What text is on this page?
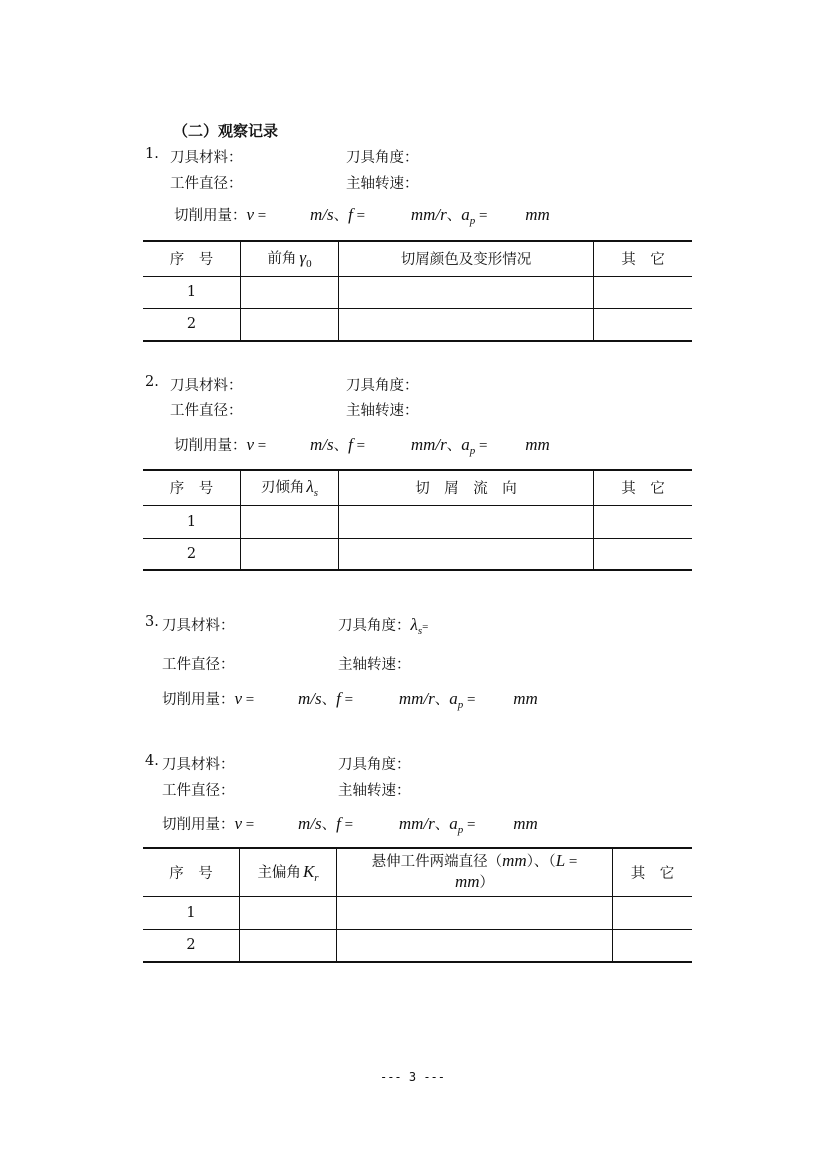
（二）观察记录
1. 刀具材料：	刀具角度：
工件直径：	主轴转速：
切削用量：v = m/s、f = mm/r、$a_p$ = mm
序　号	前角 $\gamma_0$	切屑颜色及变形情况	其　它
1			
2			
2. 刀具材料：	刀具角度：
工件直径：	主轴转速：
切削用量：v = m/s、f = mm/r、$a_p$ = mm
序　号	刃倾角 $\lambda_s$	切　屑　流　向	其　它
1			
2			
3. 刀具材料：	刀具角度：$\lambda_s=$
工件直径：	主轴转速：
切削用量：v = m/s、f = mm/r、$a_p$ = mm
4. 刀具材料：	刀具角度：
工件直径：	主轴转速：
切削用量：v = m/s、f = mm/r、$a_p$ = mm
序　号	主偏角 $K_r$	悬伸工件两端直径（mm）、（L =
mm）	其　它
1			
2			
--- 3 ---
